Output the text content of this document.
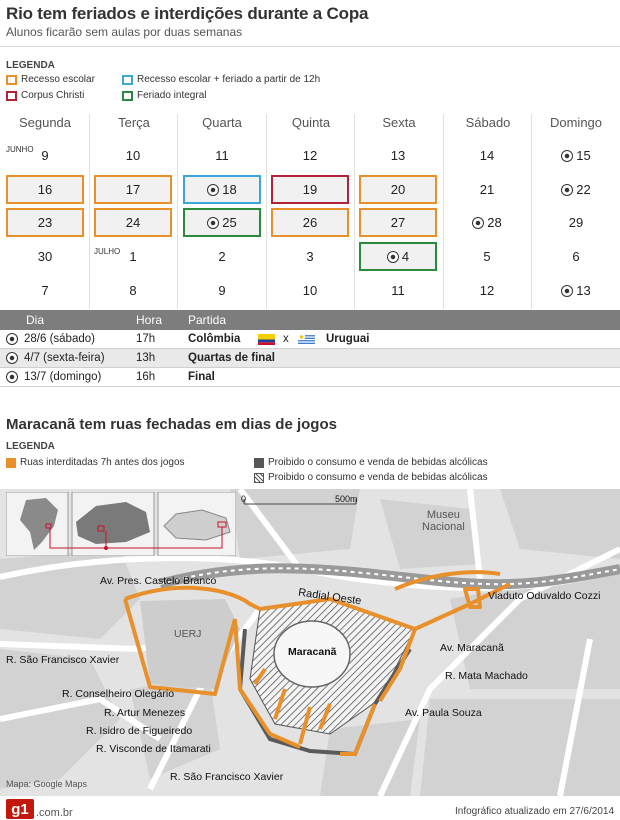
Rio tem feriados e interdições durante a Copa
Alunos ficarão sem aulas por duas semanas
LEGENDA
Recesso escolar	Recesso escolar + feriado a partir de 12h
Corpus Christi	Feriado integral
Segunda	Terça	Quarta	Quinta	Sexta	Sábado	Domingo
9	10	11	12	13	14	15
16	17	18	19	20	21	22
23	24	25	26	27	28	29
30	1	2	3	4	5	6
7	8	9	10	11	12	13
JUNHO
JULHO
Dia	Hora Partida
28/6 (sábado)	17h	Colômbia	x	Uruguai
4/7 (sexta-feira)	13h	Quartas de final
13/7 (domingo)	16h	Final
Maracanã tem ruas fechadas em dias de jogos
LEGENDA
Ruas interditadas 7h antes dos jogos	Proibido o consumo e venda de bebidas alcólicas
Proibido o consumo e venda de bebidas alcólicas
0	500m
Museu
Nacional
Av. Pres. Castelo Branco
Radial Oeste	Viaduto Oduvaldo Cozzi
UERJ
R. São Francisco Xavier
Maracanã	Av. Maracanã
R. Mata Machado
R. Conselheiro Olegário
R. Artur Menezes	Av. Paula Souza
R. Isidro de Figueiredo
R. Visconde de Itamarati
R. São Francisco Xavier
Mapa: Google Maps
g1 .com.br	Infográfico atualizado em 27/6/2014
